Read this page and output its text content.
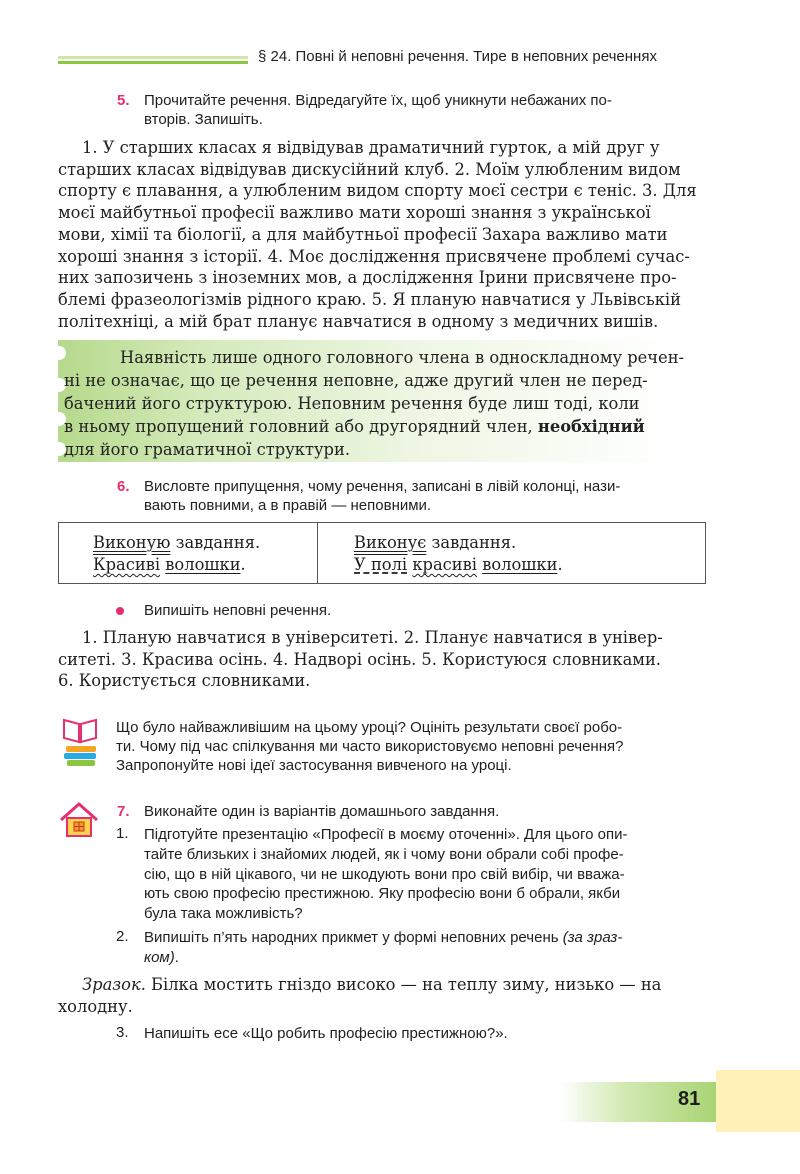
§ 24. Повні й неповні речення. Тире в неповних реченнях
5. Прочитайте речення. Відредагуйте їх, щоб уникнути небажаних по-
вторів. Запишіть.
1. У старших класах я відвідував драматичний гурток, а мій друг у
старших класах відвідував дискусійний клуб. 2. Моїм улюбленим видом
спорту є плавання, а улюбленим видом спорту моєї сестри є теніс. 3. Для
моєї майбутньої професії важливо мати хороші знання з української
мови, хімії та біології, а для майбутньої професії Захара важливо мати
хороші знання з історії. 4. Моє дослідження присвячене проблемі сучас-
них запозичень з іноземних мов, а дослідження Ірини присвячене про-
блемі фразеологізмів рідного краю. 5. Я планую навчатися у Львівській
політехніці, а мій брат планує навчатися в одному з медичних вишів.
Наявність лише одного головного члена в односкладному речен-
ні не означає, що це речення неповне, адже другий член не перед-
бачений його структурою. Неповним речення буде лиш тоді, коли
в ньому пропущений головний або другорядний член, необхідний
для його граматичної структури.
6. Висловте припущення, чому речення, записані в лівій колонці, нази-
вають повними, а в правій — неповними.
Виконую завдання.
Красиві волошки.
Виконує завдання.
У полі красиві волошки.
Випишіть неповні речення.
1. Планую навчатися в університеті. 2. Планує навчатися в універ-
ситеті. 3. Красива осінь. 4. Надворі осінь. 5. Користуюся словниками.
6. Користується словниками.
Що було найважливішим на цьому уроці? Оцініть результати своєї робо-
ти. Чому під час спілкування ми часто використовуємо неповні речення?
Запропонуйте нові ідеї застосування вивченого на уроці.
7. Виконайте один із варіантів домашнього завдання.
1. Підготуйте презентацію «Професії в моєму оточенні». Для цього опи-
тайте близьких і знайомих людей, як і чому вони обрали собі профе-
сію, що в ній цікавого, чи не шкодують вони про свій вибір, чи вважа-
ють свою професію престижною. Яку професію вони б обрали, якби
була така можливість?
2. Випишіть п’ять народних прикмет у формі неповних речень (за зраз-
ком).
Зразок. Білка мостить гніздо високо — на теплу зиму, низько — на
холодну.
3. Напишіть есе «Що робить професію престижною?».
81
